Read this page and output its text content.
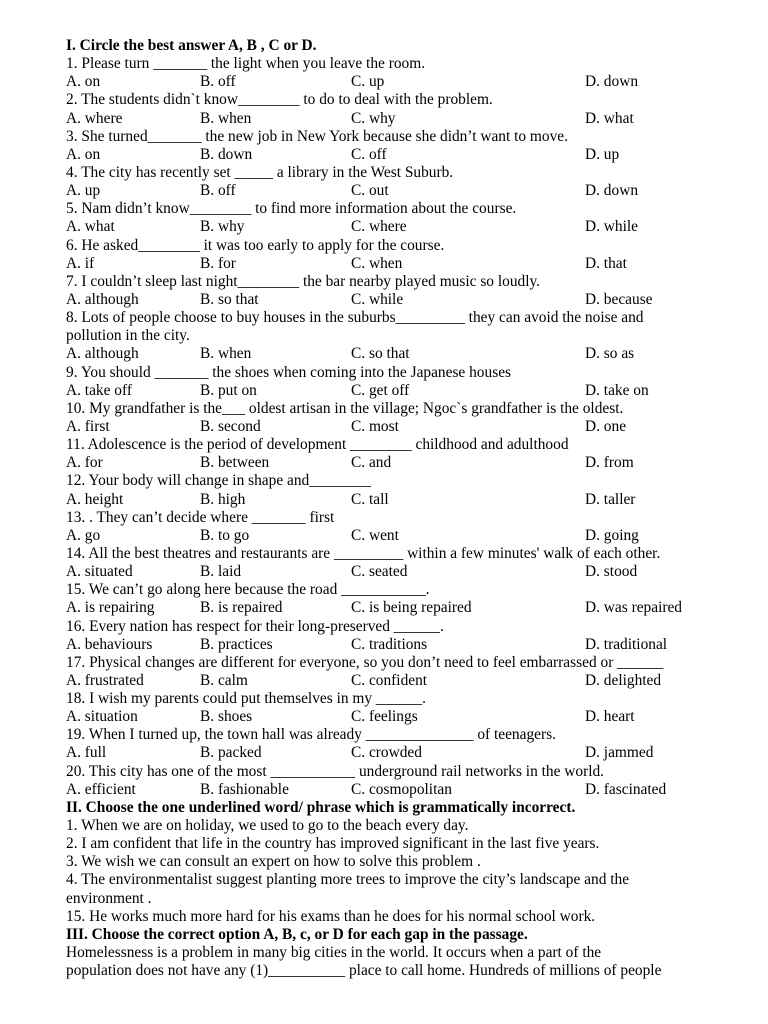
I. Circle the best answer A, B , C or D.
1. Please turn _______ the light when you leave the room.
A. on	B. off	C. up	D. down
2. The students didn`t know________ to do to deal with the problem.
A. where	B. when	C. why	D. what
3. She turned_______ the new job in New York because she didn’t want to move.
A. on	B. down	C. off	D. up
4. The city has recently set _____ a library in the West Suburb.
A. up	B. off	C. out	D. down
5. Nam didn’t know________ to find more information about the course.
A. what	B. why	C. where	D. while
6. He asked________ it was too early to apply for the course.
A. if	B. for	C. when	D. that
7. I couldn’t sleep last night________ the bar nearby played music so loudly.
A. although	B. so that	C. while	D. because
8. Lots of people choose to buy houses in the suburbs_________ they can avoid the noise and
pollution in the city.
A. although	B. when	C. so that	D. so as
9. You should _______ the shoes when coming into the Japanese houses
A. take off	B. put on	C. get off	D. take on
10. My grandfather is the___ oldest artisan in the village; Ngoc`s grandfather is the oldest.
A. first	B. second	C. most	D. one
11. Adolescence is the period of development ________ childhood and adulthood
A. for	B. between	C. and	D. from
12. Your body will change in shape and________
A. height	B. high	C. tall	D. taller
13. . They can’t decide where _______ first
A. go	B. to go	C. went	D. going
14. All the best theatres and restaurants are _________ within a few minutes' walk of each other.
A. situated	B. laid	C. seated	D. stood
15. We can’t go along here because the road ___________.
A. is repairing	B. is repaired	C. is being repaired	D. was repaired
16. Every nation has respect for their long-preserved ______.
A. behaviours	B. practices	C. traditions	D. traditional
17. Physical changes are different for everyone, so you don’t need to feel embarrassed or ______
A. frustrated	B. calm	C. confident	D. delighted
18. I wish my parents could put themselves in my ______.
A. situation	B. shoes	C. feelings	D. heart
19. When I turned up, the town hall was already ______________ of teenagers.
A. full	B. packed	C. crowded	D. jammed
20. This city has one of the most ___________ underground rail networks in the world.
A. efficient	B. fashionable	C. cosmopolitan	D. fascinated
II. Choose the one underlined word/ phrase which is grammatically incorrect.
1. When we are on holiday, we used to go to the beach every day.
2. I am confident that life in the country has improved significant in the last five years.
3. We wish we can consult an expert on how to solve this problem .
4. The environmentalist suggest planting more trees to improve the city’s landscape and the
environment .
15. He works much more hard for his exams than he does for his normal school work.
III. Choose the correct option A, B, c, or D for each gap in the passage.
Homelessness is a problem in many big cities in the world. It occurs when a part of the
population does not have any (1)__________ place to call home. Hundreds of millions of people
